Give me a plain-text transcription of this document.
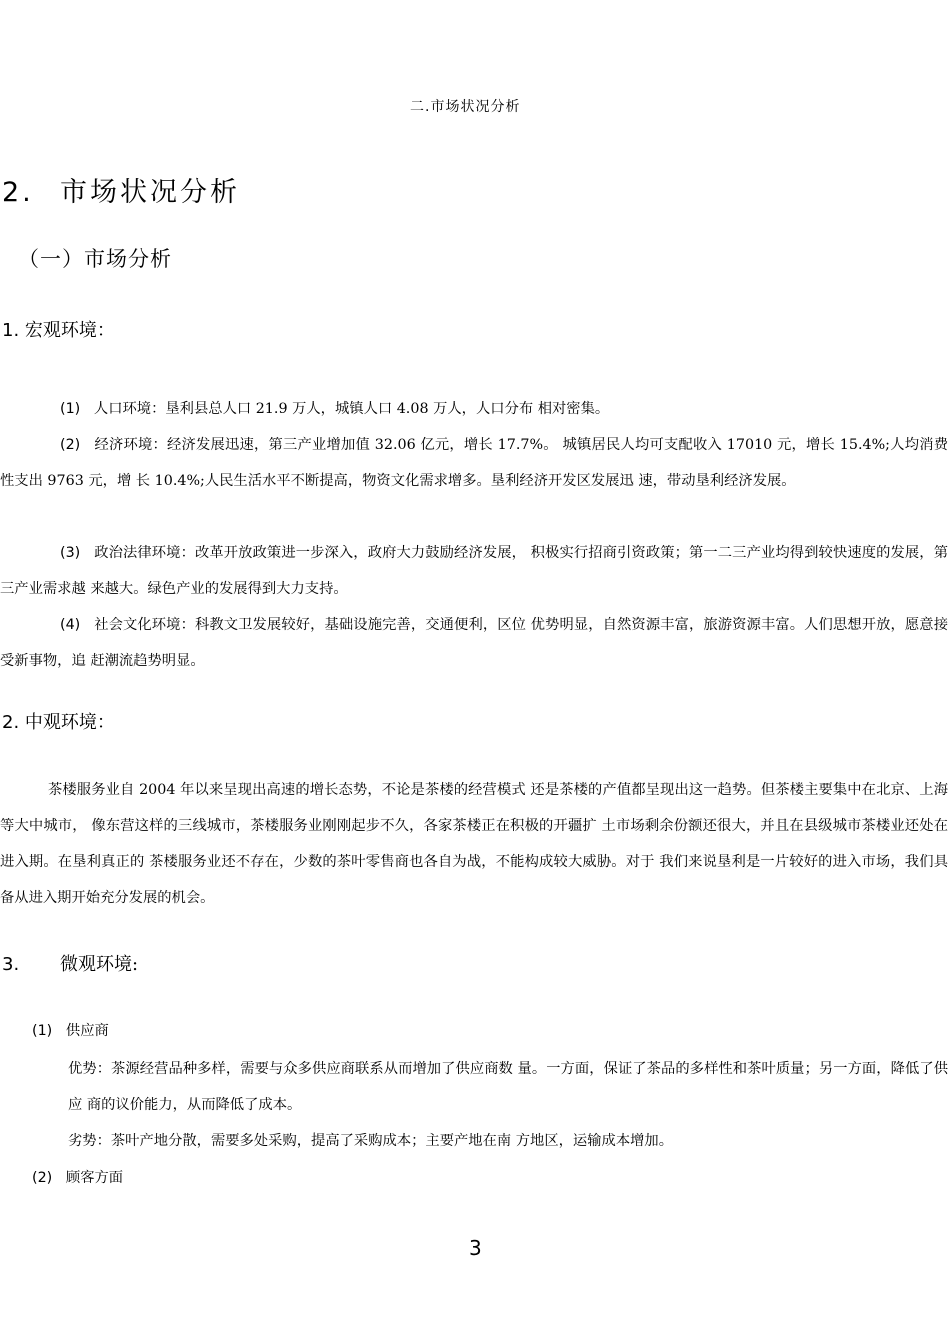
二.市场状况分析
2. 市场状况分析
（一）市场分析
1. 宏观环境：
(1) 人口环境：垦利县总人口 21.9 万人，城镇人口 4.08 万人，人口分布 相对密集。
(2) 经济环境：经济发展迅速，第三产业增加值 32.06 亿元，增长 17.7%。 城镇居民人均可支配收入 17010 元，增长 15.4%;人均消费性支出 9763 元，增 长 10.4%;人民生活水平不断提高，物资文化需求增多。垦利经济开发区发展迅 速，带动垦利经济发展。
(3) 政治法律环境：改革开放政策进一步深入，政府大力鼓励经济发展， 积极实行招商引资政策；第一二三产业均得到较快速度的发展，第三产业需求越 来越大。绿色产业的发展得到大力支持。
(4) 社会文化环境：科教文卫发展较好，基础设施完善，交通便利，区位 优势明显，自然资源丰富，旅游资源丰富。人们思想开放，愿意接受新事物，追 赶潮流趋势明显。
2. 中观环境：
茶楼服务业自 2004 年以来呈现出高速的增长态势，不论是茶楼的经营模式 还是茶楼的产值都呈现出这一趋势。但茶楼主要集中在北京、上海等大中城市， 像东营这样的三线城市，茶楼服务业刚刚起步不久，各家茶楼正在积极的开疆扩 土市场剩余份额还很大，并且在县级城市茶楼业还处在进入期。在垦利真正的 茶楼服务业还不存在，少数的茶叶零售商也各自为战，不能构成较大威胁。对于 我们来说垦利是一片较好的进入市场，我们具备从进入期开始充分发展的机会。
3. 微观环境:
(1) 供应商
优势：茶源经营品种多样，需要与众多供应商联系从而增加了供应商数 量。一方面，保证了茶品的多样性和茶叶质量；另一方面，降低了供应 商的议价能力，从而降低了成本。
劣势：茶叶产地分散，需要多处采购，提高了采购成本；主要产地在南 方地区，运输成本增加。
(2) 顾客方面
3
